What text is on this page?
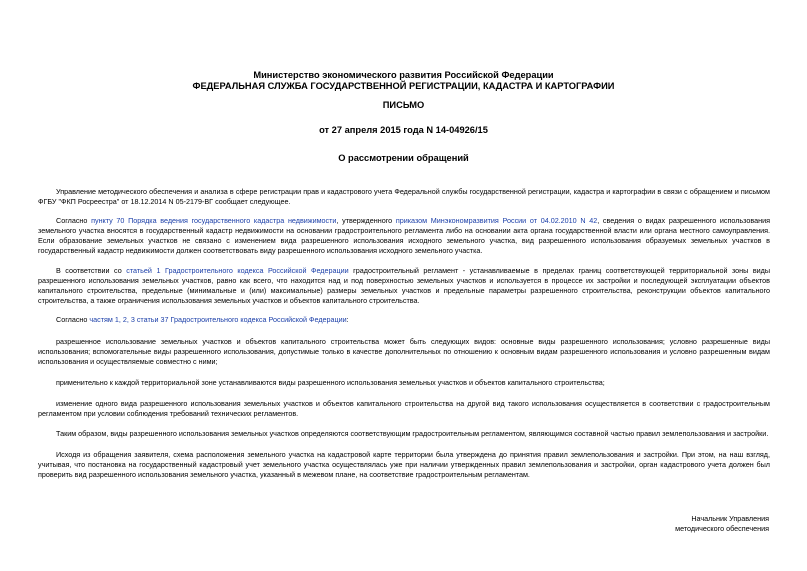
Министерство экономического развития Российской Федерации
ФЕДЕРАЛЬНАЯ СЛУЖБА ГОСУДАРСТВЕННОЙ РЕГИСТРАЦИИ, КАДАСТРА И КАРТОГРАФИИ
ПИСЬМО
от 27 апреля 2015 года N 14-04926/15
О рассмотрении обращений

Управление методического обеспечения и анализа в сфере регистрации прав и кадастрового учета Федеральной службы государственной регистрации, кадастра и картографии в связи с обращением и письмом ФГБУ "ФКП Росреестра" от 18.12.2014 N 05-2179-ВГ сообщает следующее.

Согласно пункту 70 Порядка ведения государственного кадастра недвижимости, утвержденного приказом Минэкономразвития России от 04.02.2010 N 42, сведения о видах разрешенного использования земельного участка вносятся в государственный кадастр недвижимости на основании градостроительного регламента либо на основании акта органа государственной власти или органа местного самоуправления. Если образование земельных участков не связано с изменением вида разрешенного использования исходного земельного участка, вид разрешенного использования образуемых земельных участков в государственный кадастр недвижимости должен соответствовать виду разрешенного использования исходного земельного участка.

В соответствии со статьей 1 Градостроительного кодекса Российской Федерации градостроительный регламент - устанавливаемые в пределах границ соответствующей территориальной зоны виды разрешенного использования земельных участков, равно как всего, что находится над и под поверхностью земельных участков и используется в процессе их застройки и последующей эксплуатации объектов капитального строительства, предельные (минимальные и (или) максимальные) размеры земельных участков и предельные параметры разрешенного строительства, реконструкции объектов капитального строительства, а также ограничения использования земельных участков и объектов капитального строительства.

Согласно частям 1, 2, 3 статьи 37 Градостроительного кодекса Российской Федерации:

разрешенное использование земельных участков и объектов капитального строительства может быть следующих видов: основные виды разрешенного использования; условно разрешенные виды использования; вспомогательные виды разрешенного использования, допустимые только в качестве дополнительных по отношению к основным видам разрешенного использования и условно разрешенным видам использования и осуществляемые совместно с ними;

применительно к каждой территориальной зоне устанавливаются виды разрешенного использования земельных участков и объектов капитального строительства;

изменение одного вида разрешенного использования земельных участков и объектов капитального строительства на другой вид такого использования осуществляется в соответствии с градостроительным регламентом при условии соблюдения требований технических регламентов.

Таким образом, виды разрешенного использования земельных участков определяются соответствующим градостроительным регламентом, являющимся составной частью правил землепользования и застройки.

Исходя из обращения заявителя, схема расположения земельного участка на кадастровой карте территории была утверждена до принятия правил землепользования и застройки. При этом, на наш взгляд, учитывая, что постановка на государственный кадастровый учет земельного участка осуществлялась уже при наличии утвержденных правил землепользования и застройки, орган кадастрового учета должен был проверить вид разрешенного использования земельного участка, указанный в межевом плане, на соответствие градостроительным регламентам.

Начальник Управления
методического обеспечения
